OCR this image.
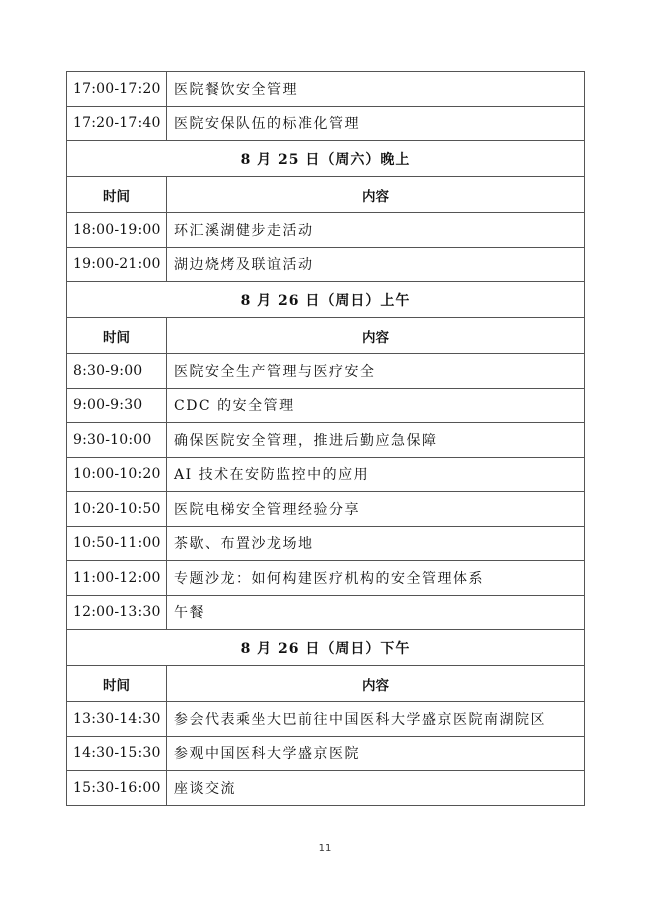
17:00-17:20	医院餐饮安全管理
17:20-17:40	医院安保队伍的标准化管理
8 月 25 日（周六）晚上	
时间	内容
18:00-19:00	环汇溪湖健步走活动
19:00-21:00	湖边烧烤及联谊活动
8 月 26 日（周日）上午	
时间	内容
8:30-9:00	医院安全生产管理与医疗安全
9:00-9:30	CDC 的安全管理
9:30-10:00	确保医院安全管理，推进后勤应急保障
10:00-10:20	AI 技术在安防监控中的应用
10:20-10:50	医院电梯安全管理经验分享
10:50-11:00	茶歇、布置沙龙场地
11:00-12:00	专题沙龙：如何构建医疗机构的安全管理体系
12:00-13:30	午餐
8 月 26 日（周日）下午	
时间	内容
13:30-14:30	参会代表乘坐大巴前往中国医科大学盛京医院南湖院区
14:30-15:30	参观中国医科大学盛京医院
15:30-16:00	座谈交流
11
